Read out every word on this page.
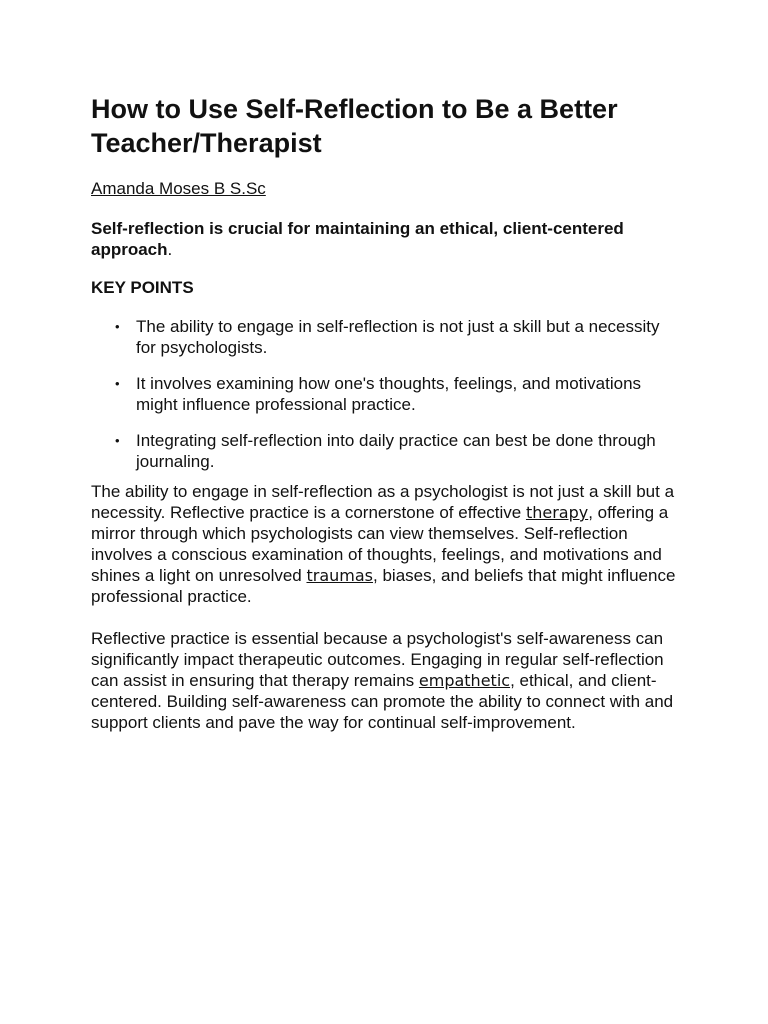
How to Use Self-Reflection to Be a Better Teacher/Therapist

Amanda Moses B S.Sc

Self-reflection is crucial for maintaining an ethical, client-centered approach.

KEY POINTS

• The ability to engage in self-reflection is not just a skill but a necessity for psychologists.
• It involves examining how one's thoughts, feelings, and motivations might influence professional practice.
• Integrating self-reflection into daily practice can best be done through journaling.

The ability to engage in self-reflection as a psychologist is not just a skill but a necessity. Reflective practice is a cornerstone of effective therapy, offering a mirror through which psychologists can view themselves. Self-reflection involves a conscious examination of thoughts, feelings, and motivations and shines a light on unresolved traumas, biases, and beliefs that might influence professional practice.

Reflective practice is essential because a psychologist's self-awareness can significantly impact therapeutic outcomes. Engaging in regular self-reflection can assist in ensuring that therapy remains empathetic, ethical, and client-centered. Building self-awareness can promote the ability to connect with and support clients and pave the way for continual self-improvement.
